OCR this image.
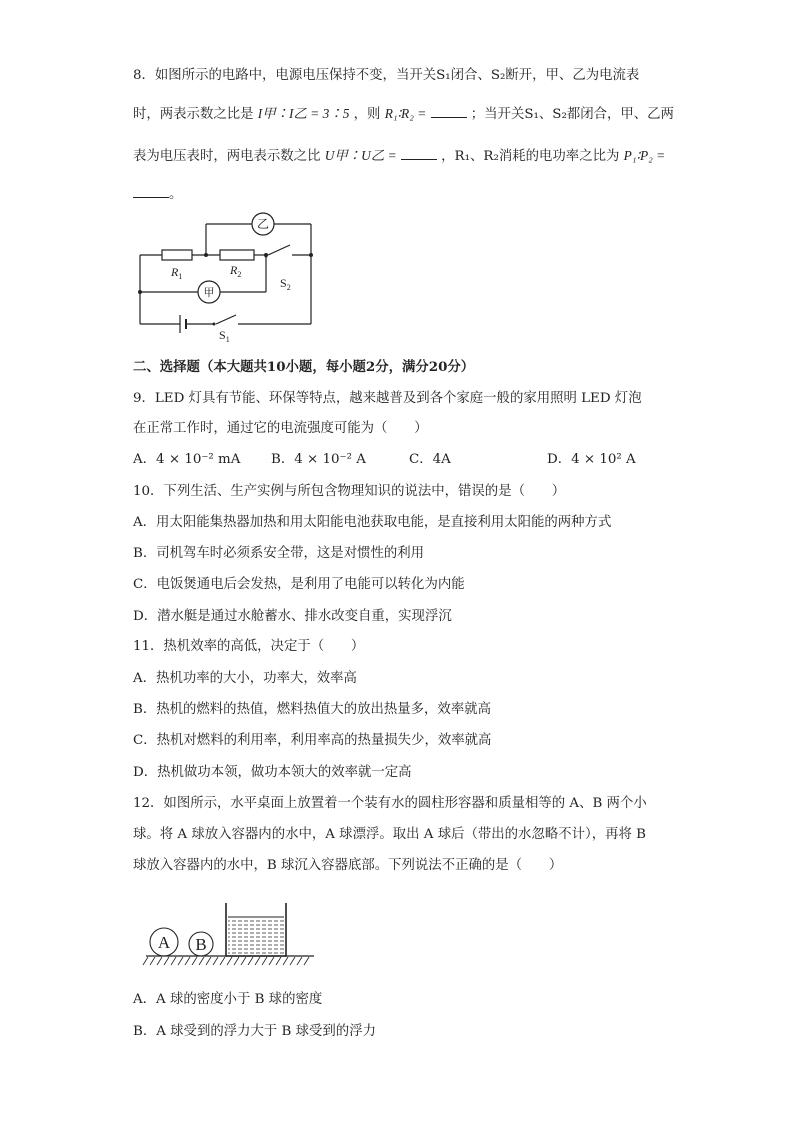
8．如图所示的电路中，电源电压保持不变，当开关S₁闭合、S₂断开，甲、乙为电流表
时，两表示数之比是 I甲∶I乙 = 3∶5 ，则 R₁∶R₂ =	；当开关S₁、S₂都闭合，甲、乙两
表为电压表时，两电表示数之比 U甲∶U乙 =	，R₁、R₂消耗的电功率之比为 P₁∶P₂ =
。
$R_1$	$R_2$
乙
甲
$S_2$
$S_1$
二、选择题（本大题共10小题，每小题2分，满分20分）
9．LED 灯具有节能、环保等特点，越来越普及到各个家庭一般的家用照明 LED 灯泡
在正常工作时，通过它的电流强度可能为（　　）
A．4 × 10⁻² mA B．4 × 10⁻² A	C．4A	D．4 × 10² A
10．下列生活、生产实例与所包含物理知识的说法中，错误的是（　　）
A．用太阳能集热器加热和用太阳能电池获取电能，是直接利用太阳能的两种方式
B．司机驾车时必须系安全带，这是对惯性的利用
C．电饭煲通电后会发热，是利用了电能可以转化为内能
D．潜水艇是通过水舱蓄水、排水改变自重，实现浮沉
11．热机效率的高低，决定于（　　）
A．热机功率的大小，功率大，效率高
B．热机的燃料的热值，燃料热值大的放出热量多，效率就高
C．热机对燃料的利用率，利用率高的热量损失少，效率就高
D．热机做功本领，做功本领大的效率就一定高
12．如图所示，水平桌面上放置着一个装有水的圆柱形容器和质量相等的 A、B 两个小
球。将 A 球放入容器内的水中，A 球漂浮。取出 A 球后（带出的水忽略不计），再将 B
球放入容器内的水中，B 球沉入容器底部。下列说法不正确的是（　　）
A B
A．A 球的密度小于 B 球的密度
B．A 球受到的浮力大于 B 球受到的浮力
